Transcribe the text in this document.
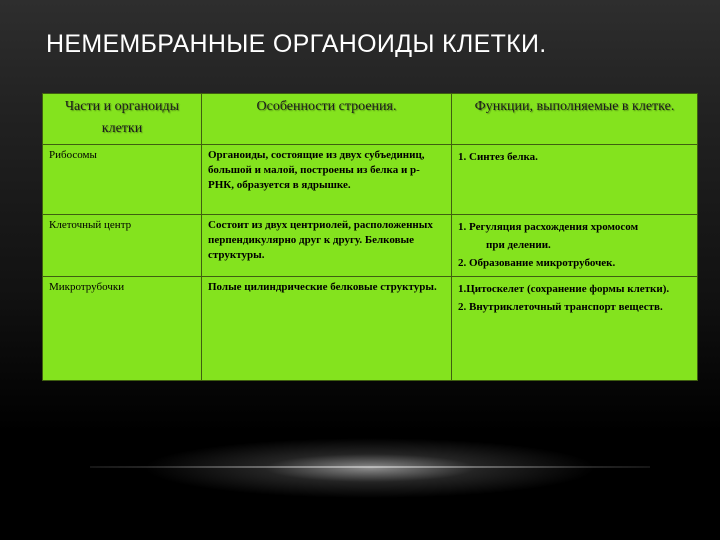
НЕМЕМБРАННЫЕ ОРГАНОИДЫ КЛЕТКИ.
Части и органоиды клетки	Особенности строения.	Функции, выполняемые в клетке.
Рибосомы	Органоиды, состоящие из двух субъединиц, большой и малой, построены из белка и р-РНК, образуется в ядрышке.	1. Синтез белка.

Клеточный центр	Состоит из двух центриолей, расположенных перпендикулярно друг к другу. Белковые структуры.	1. Регуляция расхождения хромосом
при делении.
2. Образование микротрубочек.

Микротрубочки	Полые цилиндрические белковые структуры.	1.Цитоскелет (сохранение формы клетки).
2. Внутриклеточный транспорт веществ.
